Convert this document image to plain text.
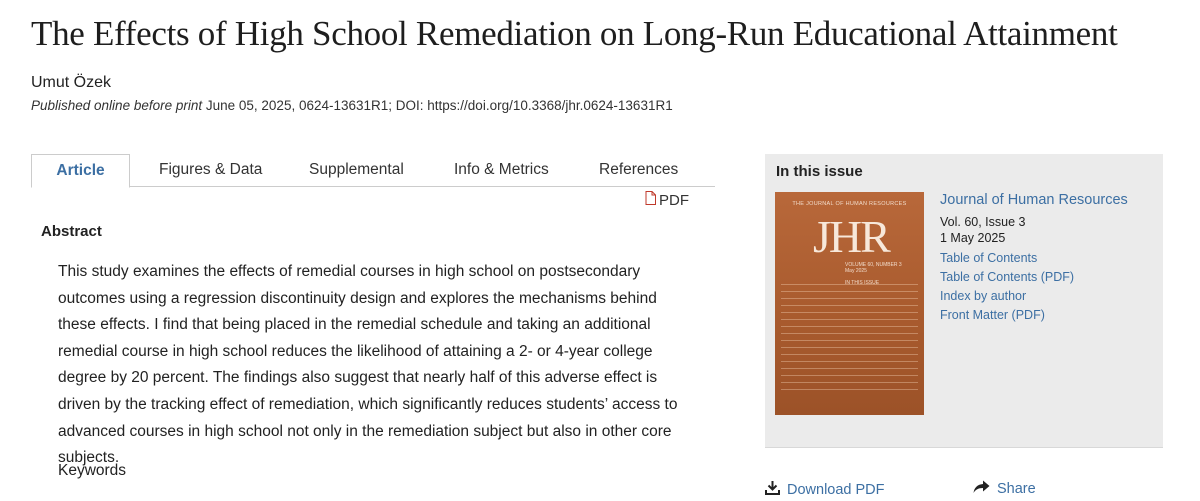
The Effects of High School Remediation on Long-Run Educational Attainment
Umut Özek
Published online before print June 05, 2025, 0624-13631R1; DOI: https://doi.org/10.3368/jhr.0624-13631R1
Article	Figures & Data	Supplemental	Info & Metrics	References
PDF
Abstract

This study examines the effects of remedial courses in high school on postsecondary outcomes using a regression discontinuity design and explores the mechanisms behind these effects. I find that being placed in the remedial schedule and taking an additional remedial course in high school reduces the likelihood of attaining a 2- or 4-year college degree by 20 percent. The findings also suggest that nearly half of this adverse effect is driven by the tracking effect of remediation, which significantly reduces students’ access to advanced courses in high school not only in the remediation subject but also in other core subjects.

Keywords
In this issue
THE JOURNAL OF HUMAN RESOURCES
JHR
VOLUME 60, NUMBER 3
May 2025
IN THIS ISSUE
Journal of Human Resources
Vol. 60, Issue 3
1 May 2025
Table of Contents
Table of Contents (PDF)
Index by author
Front Matter (PDF)
Download PDF	Share
